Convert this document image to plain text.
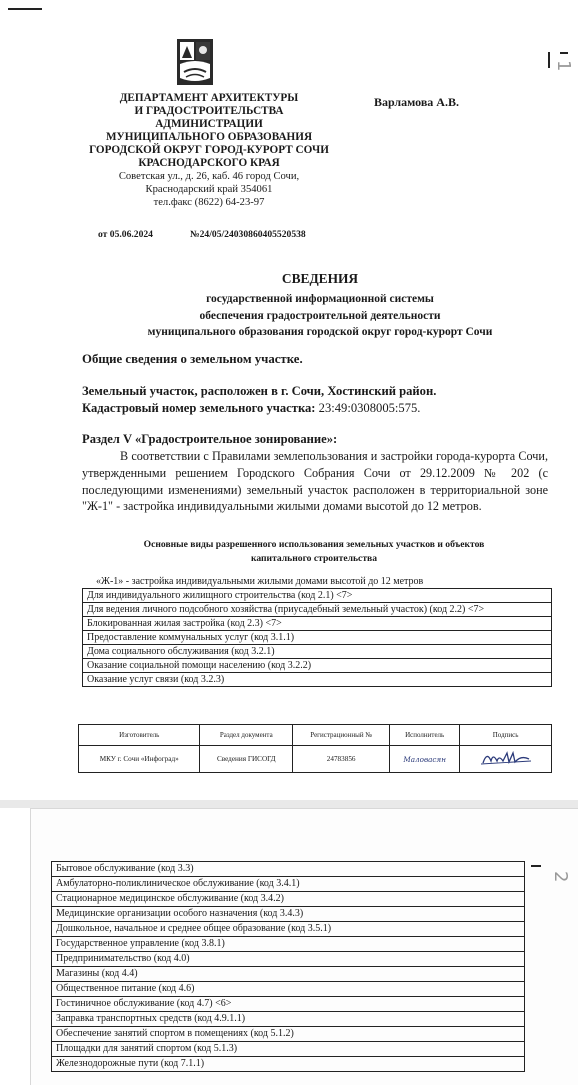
1
ДЕПАРТАМЕНТ АРХИТЕКТУРЫ
И ГРАДОСТРОИТЕЛЬСТВА
АДМИНИСТРАЦИИ
МУНИЦИПАЛЬНОГО ОБРАЗОВАНИЯ
ГОРОДСКОЙ ОКРУГ ГОРОД-КУРОРТ СОЧИ
КРАСНОДАРСКОГО КРАЯ
Советская ул., д. 26, каб. 46 город Сочи,
Краснодарский край 354061
тел.факс (8622) 64-23-97
Варламова А.В.
от 05.06.2024	№24/05/24030860405520538
СВЕДЕНИЯ
государственной информационной системы
обеспечения градостроительной деятельности
муниципального образования городской округ город-курорт Сочи
Общие сведения о земельном участке.
Земельный участок, расположен в г. Сочи, Хостинский район.
Кадастровый номер земельного участка: 23:49:0308005:575.
Раздел V «Градостроительное зонирование»:
В соответствии с Правилами землепользования и застройки города-курорта Сочи, утвержденными решением Городского Собрания Сочи от 29.12.2009 № 202 (с последующими изменениями) земельный участок расположен в территориальной зоне "Ж-1" - застройка индивидуальными жилыми домами высотой до 12 метров.
Основные виды разрешенного использования земельных участков и объектов
капитального строительства
«Ж-1» - застройка индивидуальными жилыми домами высотой до 12 метров
Для индивидуального жилищного строительства (код 2.1) <7>
Для ведения личного подсобного хозяйства (приусадебный земельный участок) (код 2.2) <7>
Блокированная жилая застройка (код 2.3) <7>
Предоставление коммунальных услуг (код 3.1.1)
Дома социального обслуживания (код 3.2.1)
Оказание социальной помощи населению (код 3.2.2)
Оказание услуг связи (код 3.2.3)
Изготовитель	Раздел документа	Регистрационный №	Исполнитель	Подпись
МКУ г. Сочи «Инфоград»	Сведения ГИСОГД	24783856	Маловасян	
2
Бытовое обслуживание (код 3.3)
Амбулаторно-поликлиническое обслуживание (код 3.4.1)
Стационарное медицинское обслуживание (код 3.4.2)
Медицинские организации особого назначения (код 3.4.3)
Дошкольное, начальное и среднее общее образование (код 3.5.1)
Государственное управление (код 3.8.1)
Предпринимательство (код 4.0)
Магазины (код 4.4)
Общественное питание (код 4.6)
Гостиничное обслуживание (код 4.7) <6>
Заправка транспортных средств (код 4.9.1.1)
Обеспечение занятий спортом в помещениях (код 5.1.2)
Площадки для занятий спортом (код 5.1.3)
Железнодорожные пути (код 7.1.1)
